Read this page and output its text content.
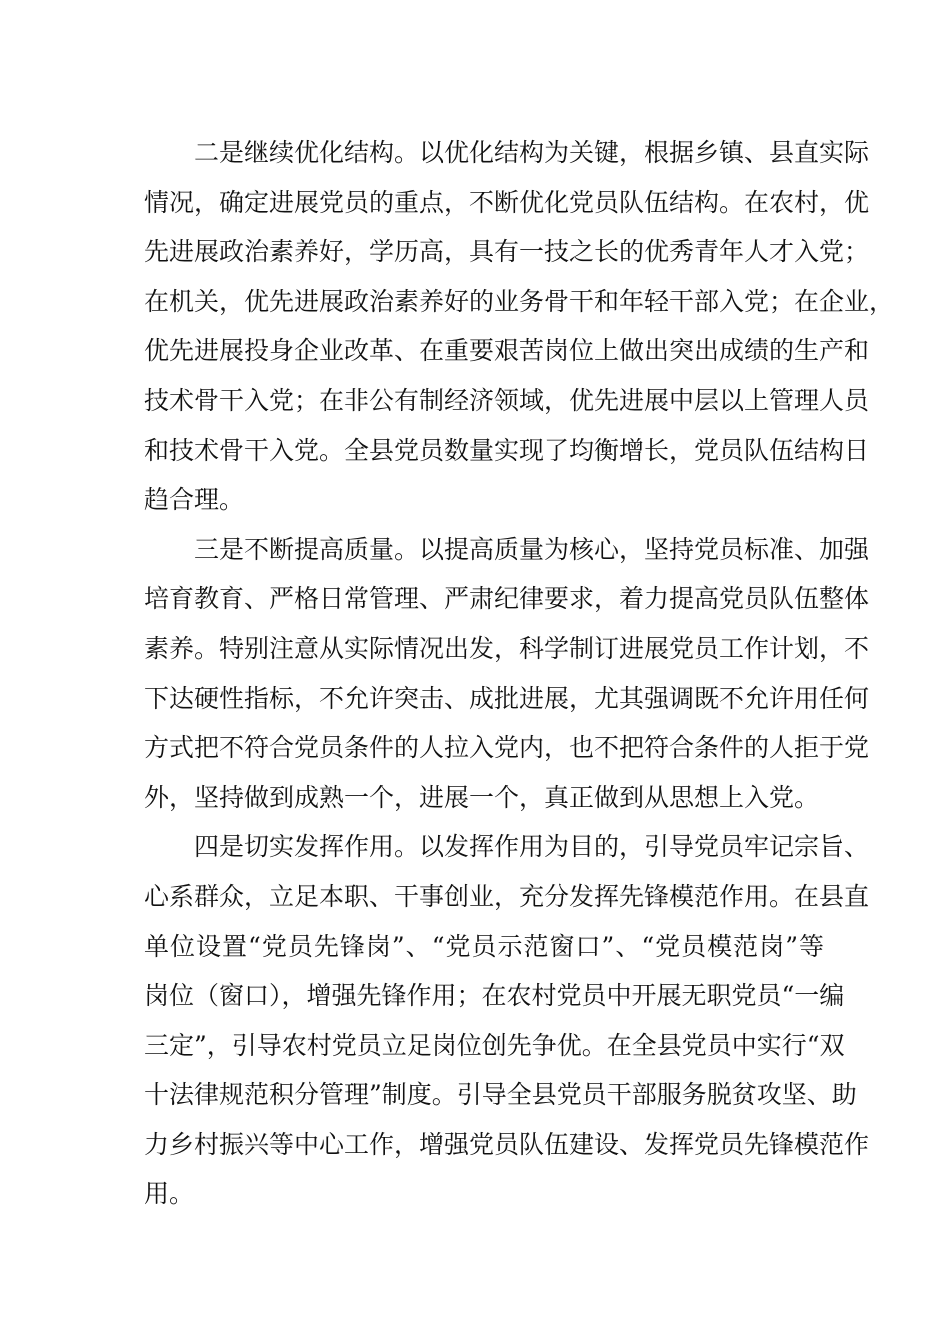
二是继续优化结构。以优化结构为关键，根据乡镇、县直实际
情况，确定进展党员的重点，不断优化党员队伍结构。在农村，优
先进展政治素养好，学历高，具有一技之长的优秀青年人才入党；
在机关，优先进展政治素养好的业务骨干和年轻干部入党；在企业，
优先进展投身企业改革、在重要艰苦岗位上做出突出成绩的生产和
技术骨干入党；在非公有制经济领域，优先进展中层以上管理人员
和技术骨干入党。全县党员数量实现了均衡增长，党员队伍结构日
趋合理。
三是不断提高质量。以提高质量为核心，坚持党员标准、加强
培育教育、严格日常管理、严肃纪律要求，着力提高党员队伍整体
素养。特别注意从实际情况出发，科学制订进展党员工作计划，不
下达硬性指标，不允许突击、成批进展，尤其强调既不允许用任何
方式把不符合党员条件的人拉入党内，也不把符合条件的人拒于党
外，坚持做到成熟一个，进展一个，真正做到从思想上入党。
四是切实发挥作用。以发挥作用为目的，引导党员牢记宗旨、
心系群众，立足本职、干事创业，充分发挥先锋模范作用。在县直
单位设置“党员先锋岗”、“党员示范窗口”、“党员模范岗”等
岗位（窗口），增强先锋作用；在农村党员中开展无职党员“一编
三定”，引导农村党员立足岗位创先争优。在全县党员中实行“双
十法律规范积分管理”制度。引导全县党员干部服务脱贫攻坚、助
力乡村振兴等中心工作，增强党员队伍建设、发挥党员先锋模范作
用。
